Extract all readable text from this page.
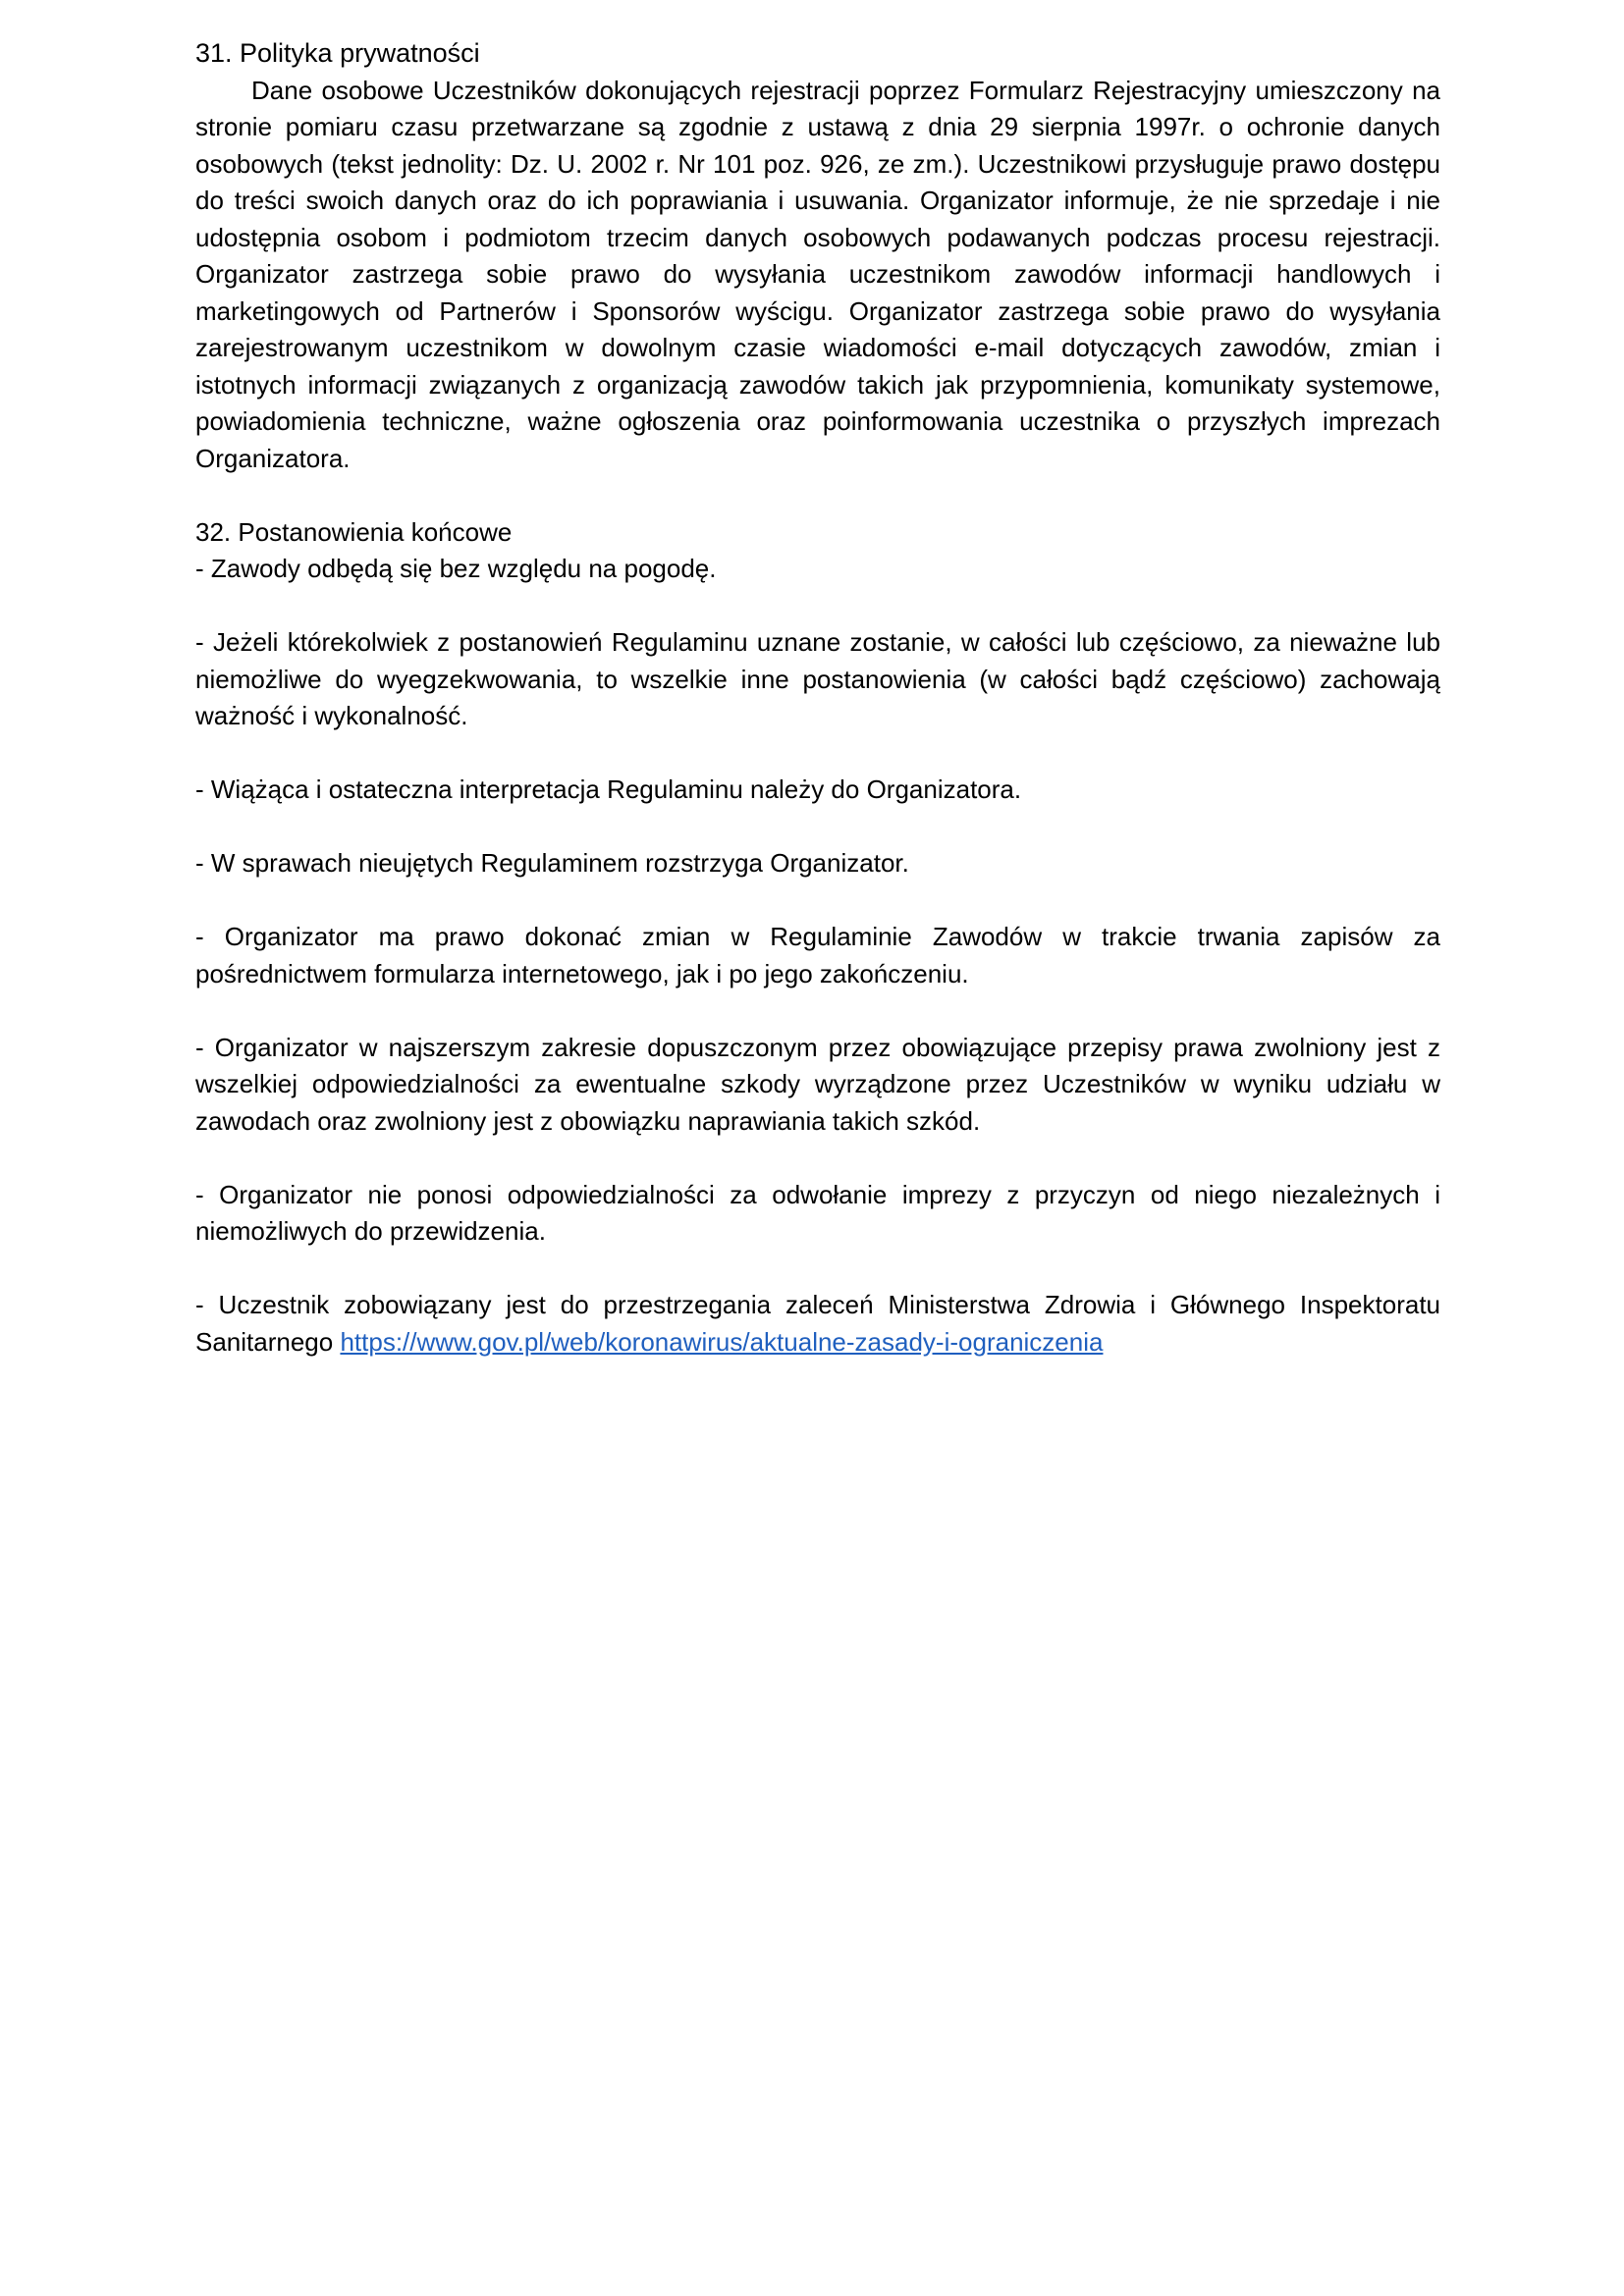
31. Polityka prywatności

Dane osobowe Uczestników dokonujących rejestracji poprzez Formularz Rejestracyjny umieszczony na stronie pomiaru czasu przetwarzane są zgodnie z ustawą z dnia 29 sierpnia 1997r. o ochronie danych osobowych (tekst jednolity: Dz. U. 2002 r. Nr 101 poz. 926, ze zm.). Uczestnikowi przysługuje prawo dostępu do treści swoich danych oraz do ich poprawiania i usuwania. Organizator informuje, że nie sprzedaje i nie udostępnia osobom i podmiotom trzecim danych osobowych podawanych podczas procesu rejestracji. Organizator zastrzega sobie prawo do wysyłania uczestnikom zawodów informacji handlowych i marketingowych od Partnerów i Sponsorów wyścigu. Organizator zastrzega sobie prawo do wysyłania zarejestrowanym uczestnikom w dowolnym czasie wiadomości e-mail dotyczących zawodów, zmian i istotnych informacji związanych z organizacją zawodów takich jak przypomnienia, komunikaty systemowe, powiadomienia techniczne, ważne ogłoszenia oraz poinformowania uczestnika o przyszłych imprezach Organizatora.

32. Postanowienia końcowe

- Zawody odbędą się bez względu na pogodę.

- Jeżeli którekolwiek z postanowień Regulaminu uznane zostanie, w całości lub częściowo, za nieważne lub niemożliwe do wyegzekwowania, to wszelkie inne postanowienia (w całości bądź częściowo) zachowają ważność i wykonalność.

- Wiążąca i ostateczna interpretacja Regulaminu należy do Organizatora.

- W sprawach nieujętych Regulaminem rozstrzyga Organizator.

- Organizator ma prawo dokonać zmian w Regulaminie Zawodów w trakcie trwania zapisów za pośrednictwem formularza internetowego, jak i po jego zakończeniu.

- Organizator w najszerszym zakresie dopuszczonym przez obowiązujące przepisy prawa zwolniony jest z wszelkiej odpowiedzialności za ewentualne szkody wyrządzone przez Uczestników w wyniku udziału w zawodach oraz zwolniony jest z obowiązku naprawiania takich szkód.

- Organizator nie ponosi odpowiedzialności za odwołanie imprezy z przyczyn od niego niezależnych i niemożliwych do przewidzenia.

- Uczestnik zobowiązany jest do przestrzegania zaleceń Ministerstwa Zdrowia i Głównego Inspektoratu Sanitarnego https://www.gov.pl/web/koronawirus/aktualne-zasady-i-ograniczenia
